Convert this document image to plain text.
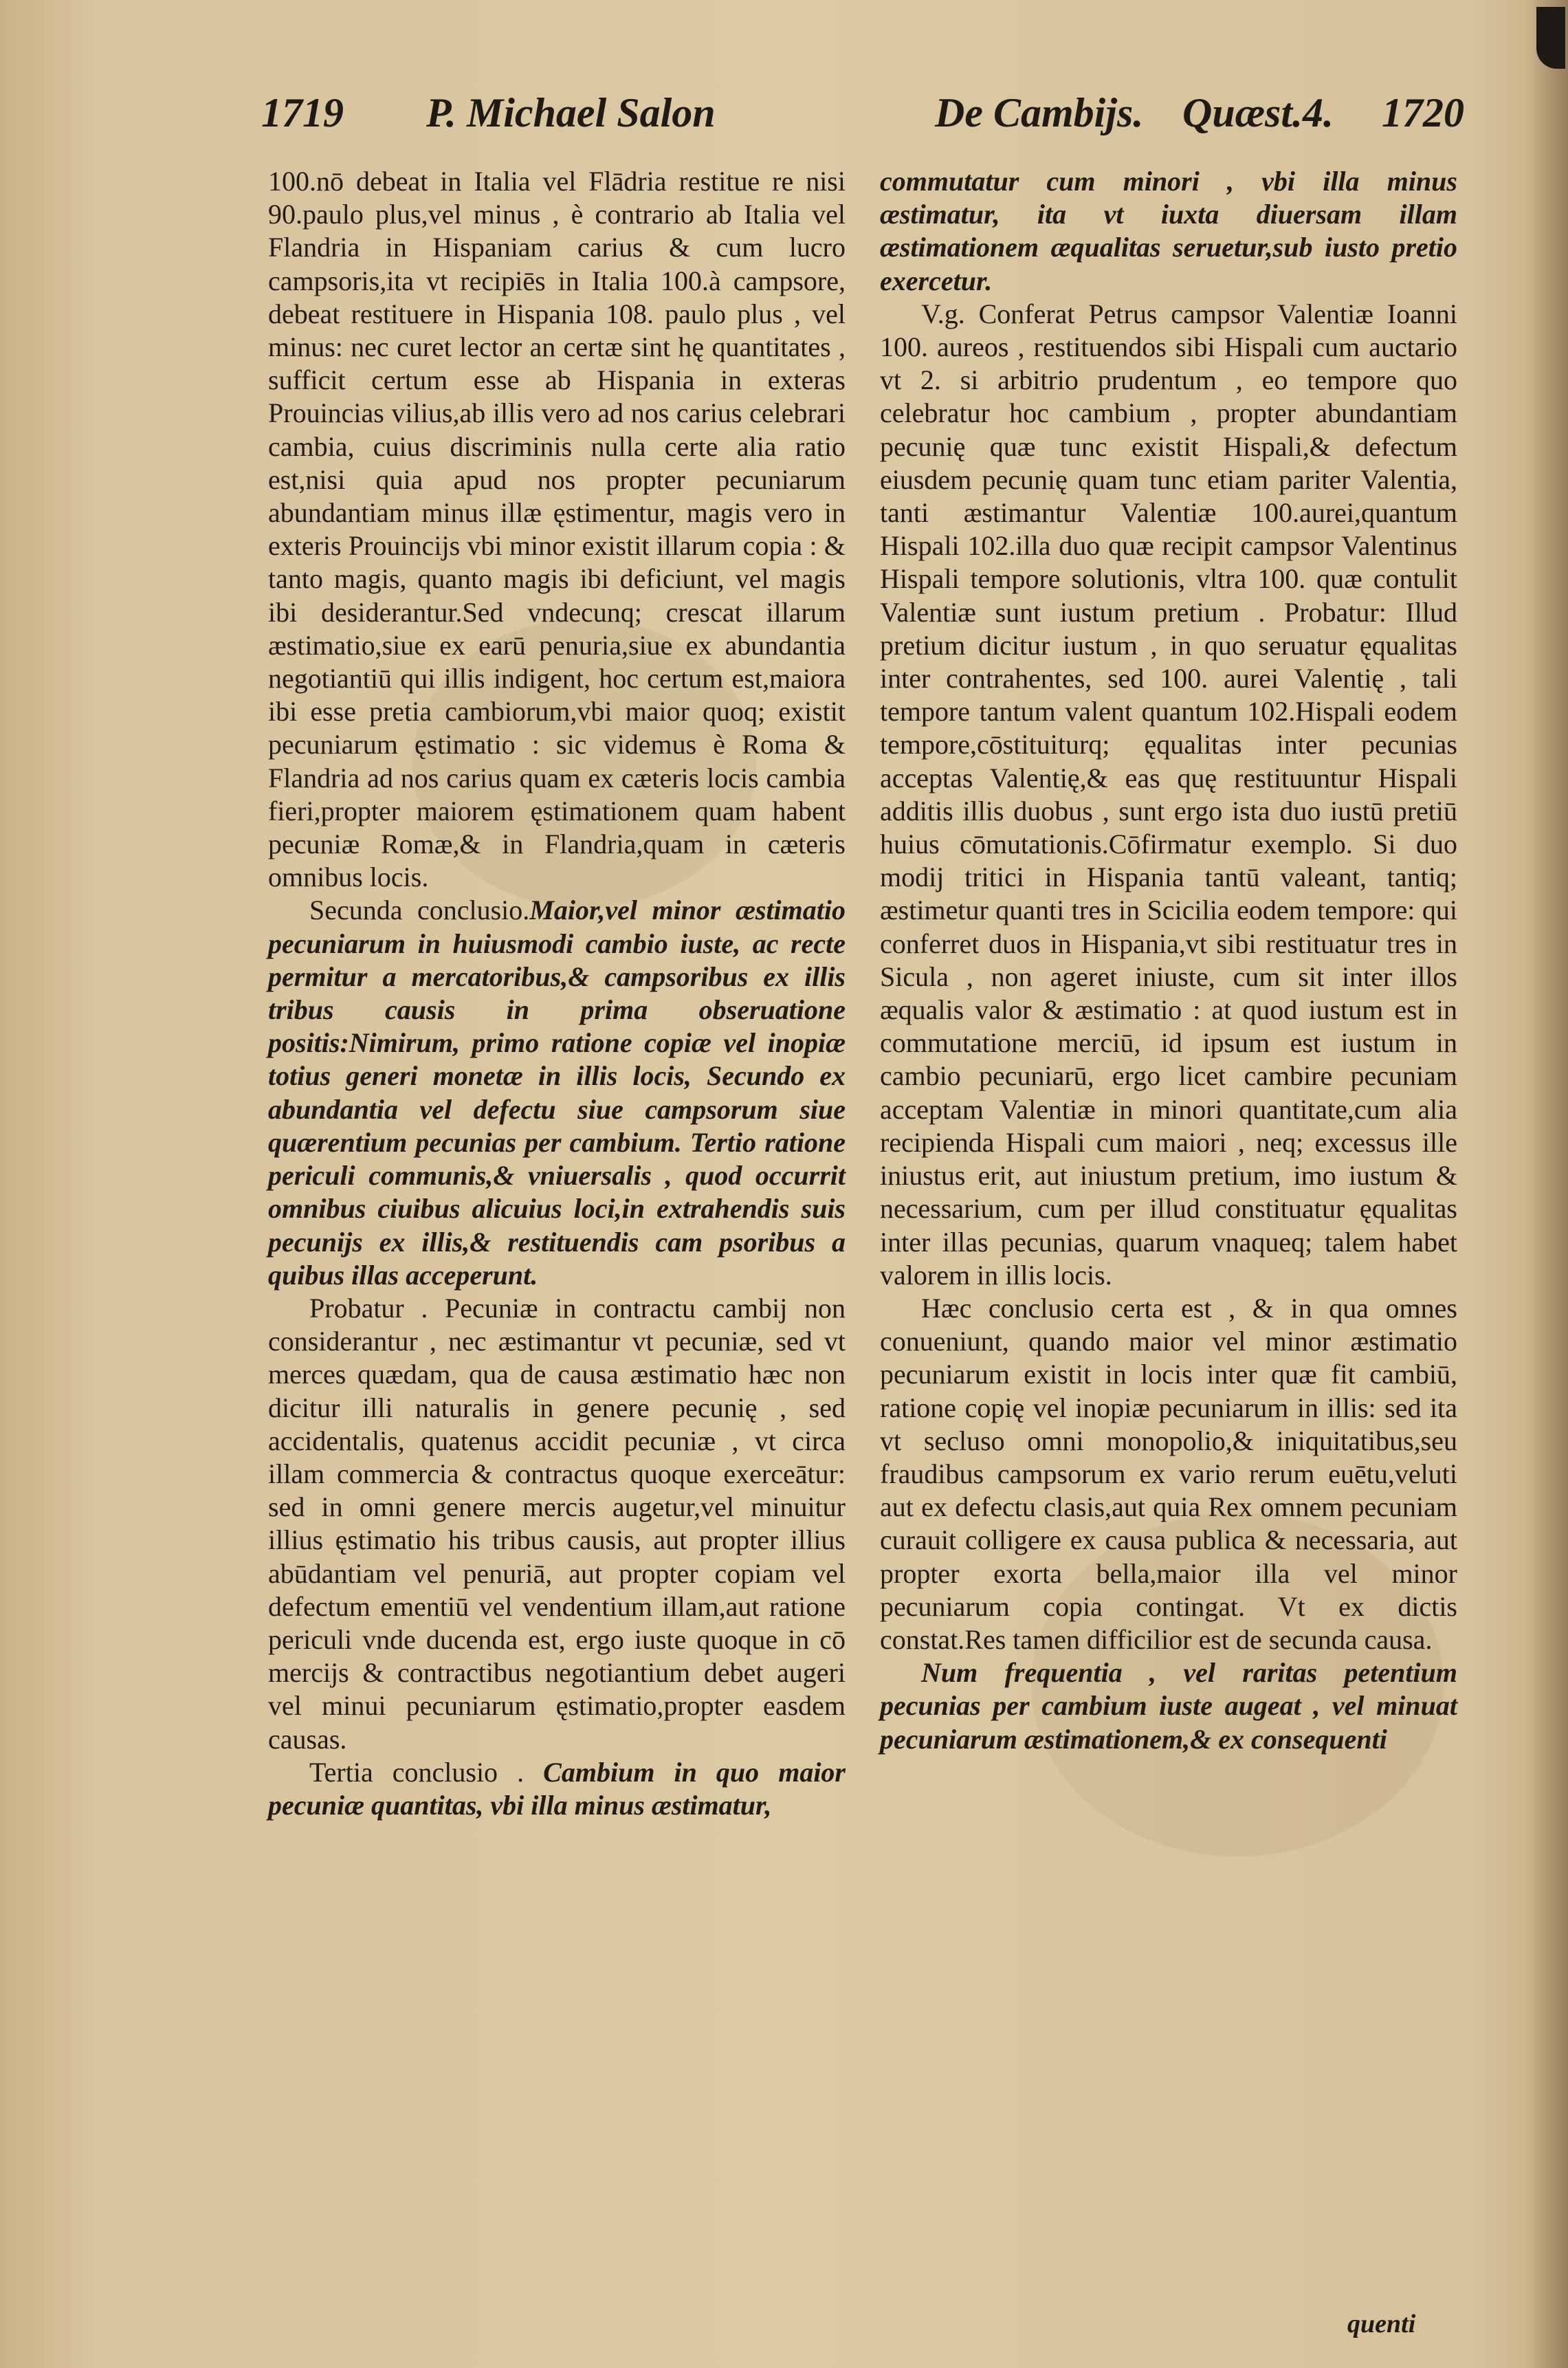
1719 P. Michael Salon	De Cambijs. Quæst.4. 1720

100.nō debeat in Italia vel Flādria restitue re nisi 90.paulo plus,vel minus , è contrario ab Italia vel Flandria in Hispaniam carius & cum lucro campsoris,ita vt recipiēs in Italia 100.à campsore, debeat restituere in Hispania 108. paulo plus , vel minus: nec curet lector an certæ sint hę quantitates , sufficit certum esse ab Hispania in exteras Prouincias vilius,ab illis vero ad nos carius celebrari cambia, cuius discriminis nulla certe alia ratio est,nisi quia apud nos propter pecuniarum abundantiam minus illæ ęstimentur, magis vero in exteris Prouincijs vbi minor existit illarum copia : & tanto magis, quanto magis ibi deficiunt, vel magis ibi desiderantur.Sed vndecunq; crescat illarum æstimatio,siue ex earū penuria,siue ex abundantia negotiantiū qui illis indigent, hoc certum est,maiora ibi esse pretia cambiorum,vbi maior quoq; existit pecuniarum ęstimatio : sic videmus è Roma & Flandria ad nos carius quam ex cæteris locis cambia fieri,propter maiorem ęstimationem quam habent pecuniæ Romæ,& in Flandria,quam in cæteris omnibus locis.

Secunda conclusio.Maior,vel minor æstimatio pecuniarum in huiusmodi cambio iuste, ac recte permitur a mercatoribus,& campsoribus ex illis tribus causis in prima obseruatione positis:Nimirum, primo ratione copiæ vel inopiæ totius generi monetæ in illis locis, Secundo ex abundantia vel defectu siue campsorum siue quærentium pecunias per cambium. Tertio ratione periculi communis,& vniuersalis , quod occurrit omnibus ciuibus alicuius loci,in extrahendis suis pecunijs ex illis,& restituendis cam psoribus a quibus illas acceperunt.

Probatur . Pecuniæ in contractu cambij non considerantur , nec æstimantur vt pecuniæ, sed vt merces quædam, qua de causa æstimatio hæc non dicitur illi naturalis in genere pecunię , sed accidentalis, quatenus accidit pecuniæ , vt circa illam commercia & contractus quoque exerceātur: sed in omni genere mercis augetur,vel minuitur illius ęstimatio his tribus causis, aut propter illius abūdantiam vel penuriā, aut propter copiam vel defectum ementiū vel vendentium illam,aut ratione periculi vnde ducenda est, ergo iuste quoque in cō mercijs & contractibus negotiantium debet augeri vel minui pecuniarum ęstimatio,propter easdem causas.

Tertia conclusio . Cambium in quo maior pecuniæ quantitas, vbi illa minus æstimatur,

commutatur cum minori , vbi illa minus æstimatur, ita vt iuxta diuersam illam æstimationem æqualitas seruetur,sub iusto pretio exercetur.

V.g. Conferat Petrus campsor Valentiæ Ioanni 100. aureos , restituendos sibi Hispali cum auctario vt 2. si arbitrio prudentum , eo tempore quo celebratur hoc cambium , propter abundantiam pecunię quæ tunc existit Hispali,& defectum eiusdem pecunię quam tunc etiam pariter Valentia, tanti æstimantur Valentiæ 100.aurei,quantum Hispali 102.illa duo quæ recipit campsor Valentinus Hispali tempore solutionis, vltra 100. quæ contulit Valentiæ sunt iustum pretium . Probatur: Illud pretium dicitur iustum , in quo seruatur ęqualitas inter contrahentes, sed 100. aurei Valentię , tali tempore tantum valent quantum 102.Hispali eodem tempore,cōstituiturq; ęqualitas inter pecunias acceptas Valentię,& eas quę restituuntur Hispali additis illis duobus , sunt ergo ista duo iustū pretiū huius cōmutationis.Cōfirmatur exemplo. Si duo modij tritici in Hispania tantū valeant, tantiq; æstimetur quanti tres in Scicilia eodem tempore: qui conferret duos in Hispania,vt sibi restituatur tres in Sicula , non ageret iniuste, cum sit inter illos æqualis valor & æstimatio : at quod iustum est in commutatione merciū, id ipsum est iustum in cambio pecuniarū, ergo licet cambire pecuniam acceptam Valentiæ in minori quantitate,cum alia recipienda Hispali cum maiori , neq; excessus ille iniustus erit, aut iniustum pretium, imo iustum & necessarium, cum per illud constituatur ęqualitas inter illas pecunias, quarum vnaqueq; talem habet valorem in illis locis.

Hæc conclusio certa est , & in qua omnes conueniunt, quando maior vel minor æstimatio pecuniarum existit in locis inter quæ fit cambiū, ratione copię vel inopiæ pecuniarum in illis: sed ita vt secluso omni monopolio,& iniquitatibus,seu fraudibus campsorum ex vario rerum euētu,veluti aut ex defectu clasis,aut quia Rex omnem pecuniam curauit colligere ex causa publica & necessaria, aut propter exorta bella,maior illa vel minor pecuniarum copia contingat. Vt ex dictis constat.Res tamen difficilior est de secunda causa.

Num frequentia , vel raritas petentium pecunias per cambium iuste augeat , vel minuat pecuniarum æstimationem,& ex consequenti

quenti
